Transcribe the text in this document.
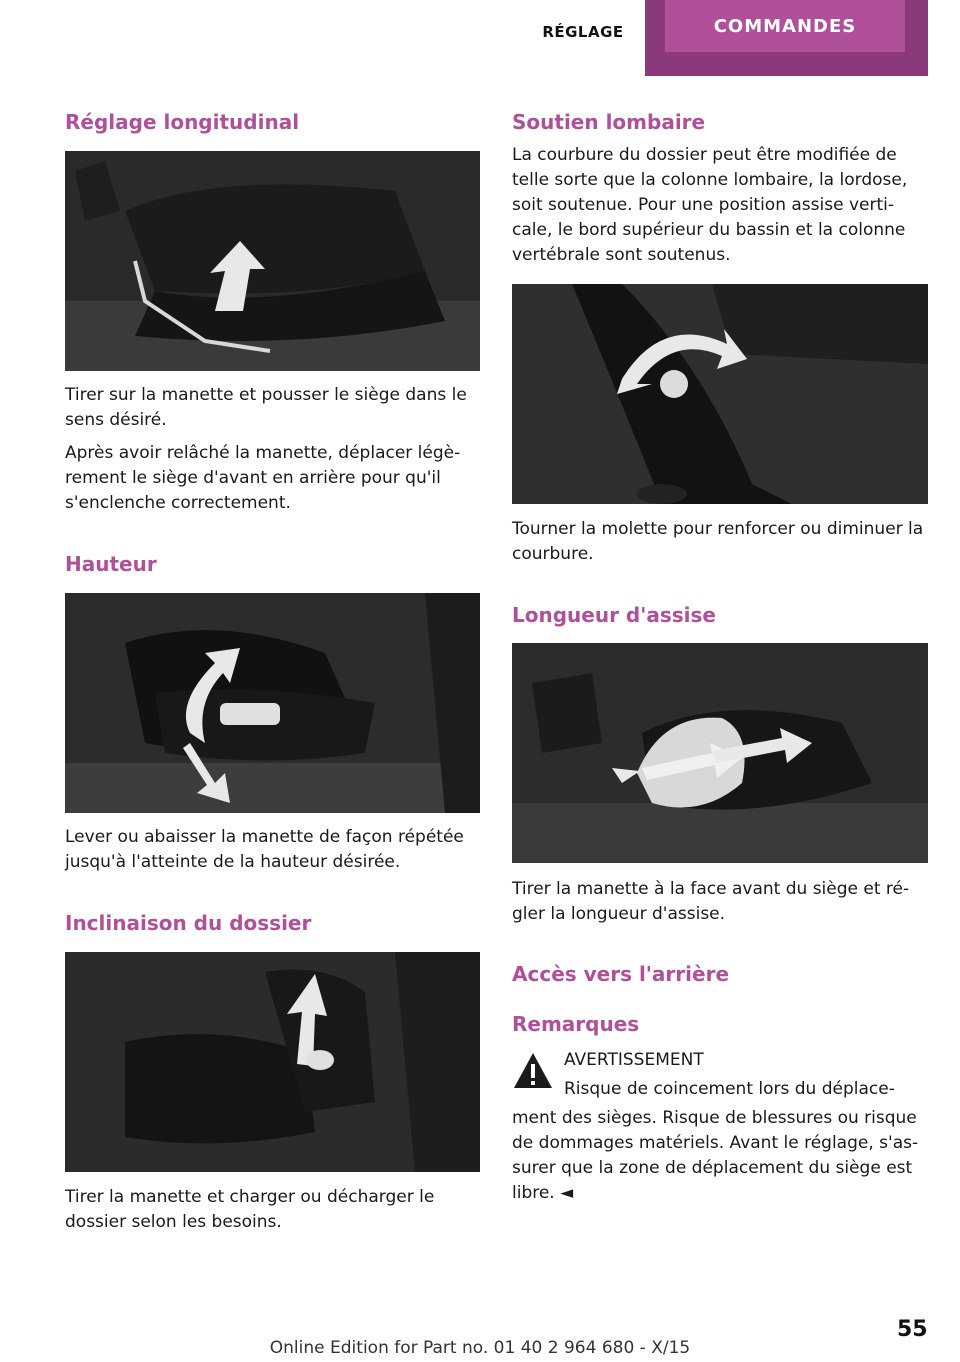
RÉGLAGE	COMMANDES
Réglage longitudinal

Tirer sur la manette et pousser le siège dans le sens désiré.

Après avoir relâché la manette, déplacer légèrement le siège d'avant en arrière pour qu'il s'enclenche correctement.

Hauteur

Lever ou abaisser la manette de façon répétée jusqu'à l'atteinte de la hauteur désirée.

Inclinaison du dossier

Tirer la manette et charger ou décharger le dossier selon les besoins.

Soutien lombaire

La courbure du dossier peut être modifiée de telle sorte que la colonne lombaire, la lordose, soit soutenue. Pour une position assise verticale, le bord supérieur du bassin et la colonne vertébrale sont soutenus.

Tourner la molette pour renforcer ou diminuer la courbure.

Longueur d'assise

Tirer la manette à la face avant du siège et régler la longueur d'assise.

Accès vers l'arrière
Remarques

AVERTISSEMENT

Risque de coincement lors du déplace-

ment des sièges. Risque de blessures ou risque de dommages matériels. Avant le réglage, s'assurer que la zone de déplacement du siège est libre. ◄

55
Online Edition for Part no. 01 40 2 964 680 - X/15
